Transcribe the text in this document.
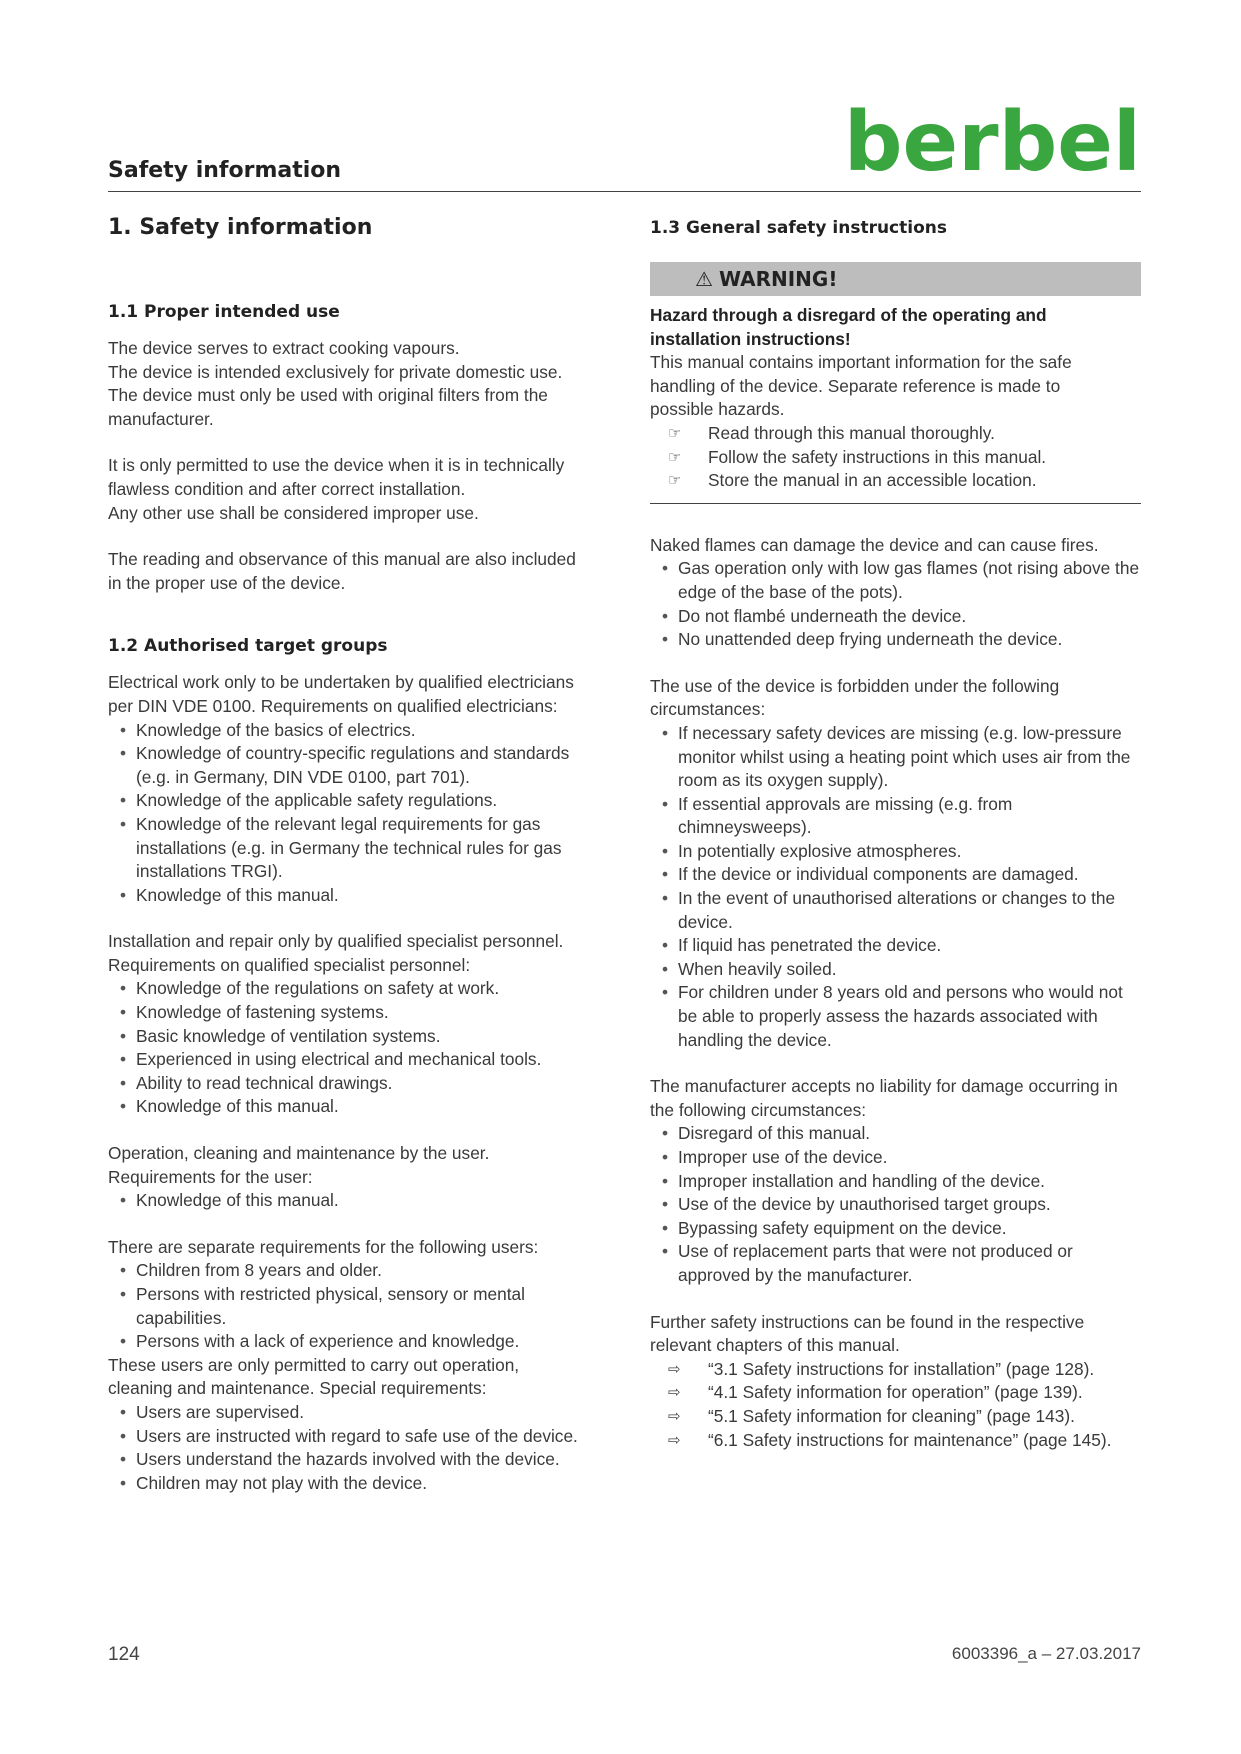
Safety information	berbel
1. Safety information
1.1 Proper intended use

The device serves to extract cooking vapours.
The device is intended exclusively for private domestic use.
The device must only be used with original filters from the
manufacturer.

It is only permitted to use the device when it is in technically
flawless condition and after correct installation.
Any other use shall be considered improper use.

The reading and observance of this manual are also included
in the proper use of the device.

1.2 Authorised target groups

Electrical work only to be undertaken by qualified electricians
per DIN VDE 0100. Requirements on qualified electricians:

• Knowledge of the basics of electrics.
• Knowledge of country-specific regulations and standards (e.g. in Germany, DIN VDE 0100, part 701).
• Knowledge of the applicable safety regulations.
• Knowledge of the relevant legal requirements for gas installations (e.g. in Germany the technical rules for gas installations TRGI).
• Knowledge of this manual.

Installation and repair only by qualified specialist personnel.
Requirements on qualified specialist personnel:

• Knowledge of the regulations on safety at work.
• Knowledge of fastening systems.
• Basic knowledge of ventilation systems.
• Experienced in using electrical and mechanical tools.
• Ability to read technical drawings.
• Knowledge of this manual.

Operation, cleaning and maintenance by the user.
Requirements for the user:

• Knowledge of this manual.

There are separate requirements for the following users:

• Children from 8 years and older.
• Persons with restricted physical, sensory or mental capabilities.
• Persons with a lack of experience and knowledge.

These users are only permitted to carry out operation,
cleaning and maintenance. Special requirements:

• Users are supervised.
• Users are instructed with regard to safe use of the device.
• Users understand the hazards involved with the device.
• Children may not play with the device.
1.3 General safety instructions
⚠ WARNING!

Hazard through a disregard of the operating and
installation instructions!

This manual contains important information for the safe
handling of the device. Separate reference is made to
possible hazards.

☞ Read through this manual thoroughly.
☞ Follow the safety instructions in this manual.
☞ Store the manual in an accessible location.

Naked flames can damage the device and can cause fires.

• Gas operation only with low gas flames (not rising above the edge of the base of the pots).
• Do not flambé underneath the device.
• No unattended deep frying underneath the device.

The use of the device is forbidden under the following
circumstances:

• If necessary safety devices are missing (e.g. low-pressure monitor whilst using a heating point which uses air from the room as its oxygen supply).
• If essential approvals are missing (e.g. from chimneysweeps).
• In potentially explosive atmospheres.
• If the device or individual components are damaged.
• In the event of unauthorised alterations or changes to the device.
• If liquid has penetrated the device.
• When heavily soiled.
• For children under 8 years old and persons who would not be able to properly assess the hazards associated with handling the device.

The manufacturer accepts no liability for damage occurring in
the following circumstances:

• Disregard of this manual.
• Improper use of the device.
• Improper installation and handling of the device.
• Use of the device by unauthorised target groups.
• Bypassing safety equipment on the device.
• Use of replacement parts that were not produced or approved by the manufacturer.

Further safety instructions can be found in the respective
relevant chapters of this manual.

⇨ “3.1 Safety instructions for installation” (page 128).
⇨ “4.1 Safety information for operation” (page 139).
⇨ “5.1 Safety information for cleaning” (page 143).
⇨ “6.1 Safety instructions for maintenance” (page 145).
124	6003396_a – 27.03.2017
